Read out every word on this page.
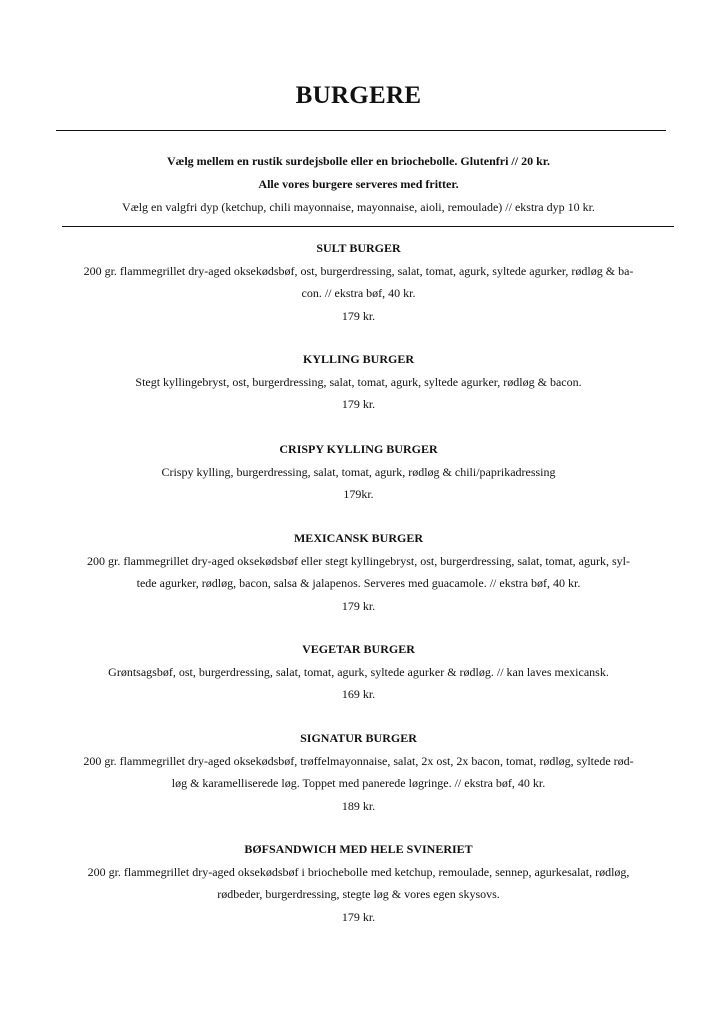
BURGERE
Vælg mellem en rustik surdejsbolle eller en briochebolle. Glutenfri // 20 kr.
Alle vores burgere serveres med fritter.
Vælg en valgfri dyp (ketchup, chili mayonnaise, mayonnaise, aioli, remoulade) // ekstra dyp 10 kr.
SULT BURGER
200 gr. flammegrillet dry-aged oksekødsbøf, ost, burgerdressing, salat, tomat, agurk, syltede agurker, rødløg & ba-
con. // ekstra bøf, 40 kr.
179 kr.
KYLLING BURGER
Stegt kyllingebryst, ost, burgerdressing, salat, tomat, agurk, syltede agurker, rødløg & bacon.
179 kr.
CRISPY KYLLING BURGER
Crispy kylling, burgerdressing, salat, tomat, agurk, rødløg & chili/paprikadressing
179kr.
MEXICANSK BURGER
200 gr. flammegrillet dry-aged oksekødsbøf eller stegt kyllingebryst, ost, burgerdressing, salat, tomat, agurk, syl-
tede agurker, rødløg, bacon, salsa & jalapenos. Serveres med guacamole. // ekstra bøf, 40 kr.
179 kr.
VEGETAR BURGER
Grøntsagsbøf, ost, burgerdressing, salat, tomat, agurk, syltede agurker & rødløg. // kan laves mexicansk.
169 kr.
SIGNATUR BURGER
200 gr. flammegrillet dry-aged oksekødsbøf, trøffelmayonnaise, salat, 2x ost, 2x bacon, tomat, rødløg, syltede rød-
løg & karamelliserede løg. Toppet med panerede løgringe. // ekstra bøf, 40 kr.
189 kr.
BØFSANDWICH MED HELE SVINERIET
200 gr. flammegrillet dry-aged oksekødsbøf i briochebolle med ketchup, remoulade, sennep, agurkesalat, rødløg,
rødbeder, burgerdressing, stegte løg & vores egen skysovs.
179 kr.
